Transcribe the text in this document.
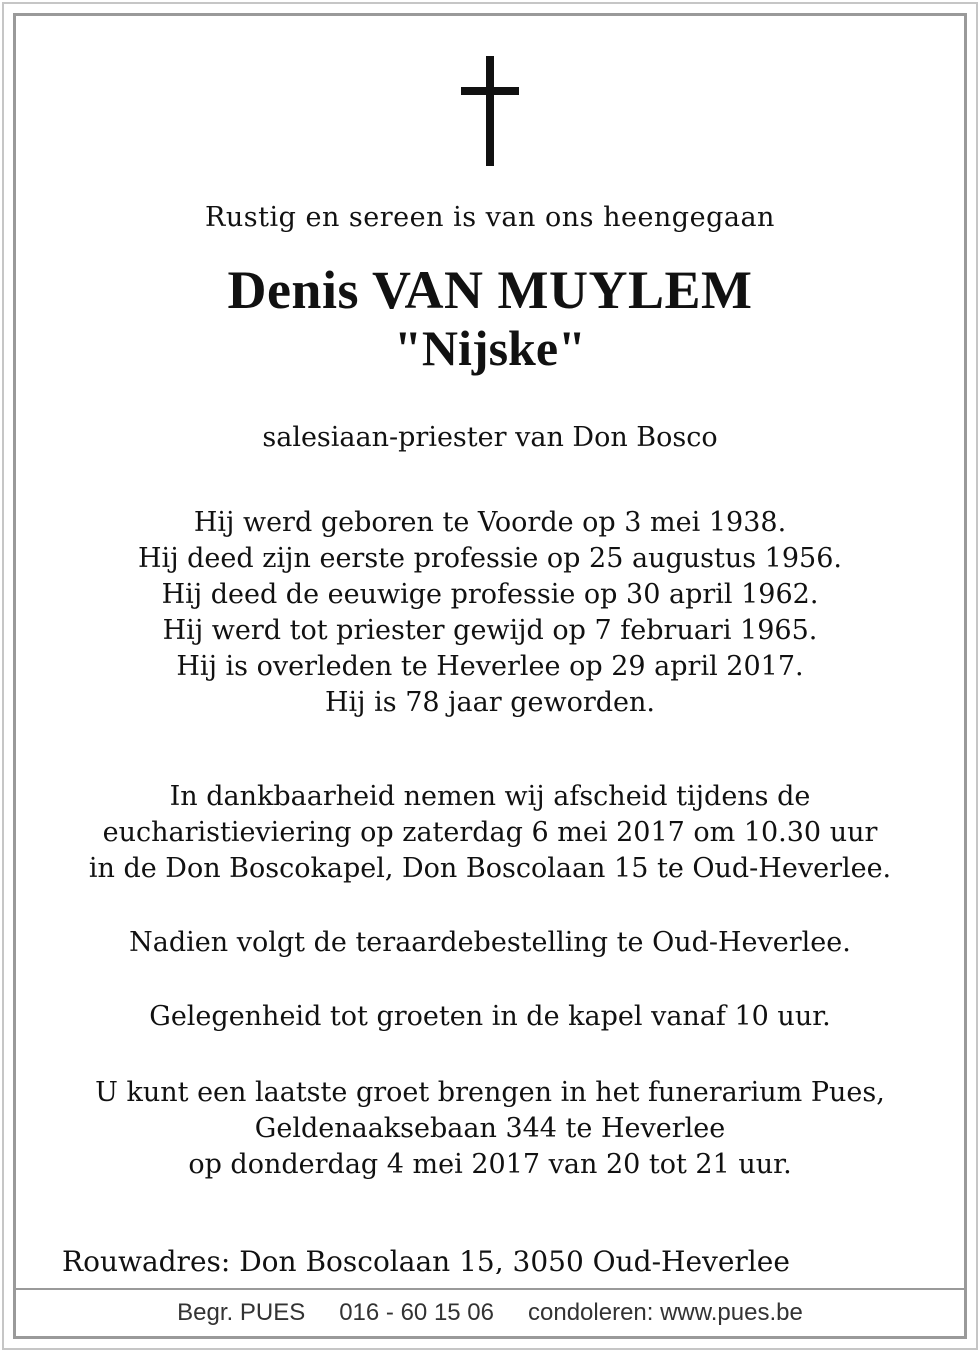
Rustig en sereen is van ons heengegaan
Denis VAN MUYLEM
"Nijske"
salesiaan-priester van Don Bosco
Hij werd geboren te Voorde op 3 mei 1938.
Hij deed zijn eerste professie op 25 augustus 1956.
Hij deed de eeuwige professie op 30 april 1962.
Hij werd tot priester gewijd op 7 februari 1965.
Hij is overleden te Heverlee op 29 april 2017.
Hij is 78 jaar geworden.
In dankbaarheid nemen wij afscheid tijdens de
eucharistieviering op zaterdag 6 mei 2017 om 10.30 uur
in de Don Boscokapel, Don Boscolaan 15 te Oud-Heverlee.
Nadien volgt de teraardebestelling te Oud-Heverlee.
Gelegenheid tot groeten in de kapel vanaf 10 uur.
U kunt een laatste groet brengen in het funerarium Pues,
Geldenaaksebaan 344 te Heverlee
op donderdag 4 mei 2017 van 20 tot 21 uur.
Rouwadres: Don Boscolaan 15, 3050 Oud-Heverlee
Begr. PUES 016 - 60 15 06 condoleren: www.pues.be
